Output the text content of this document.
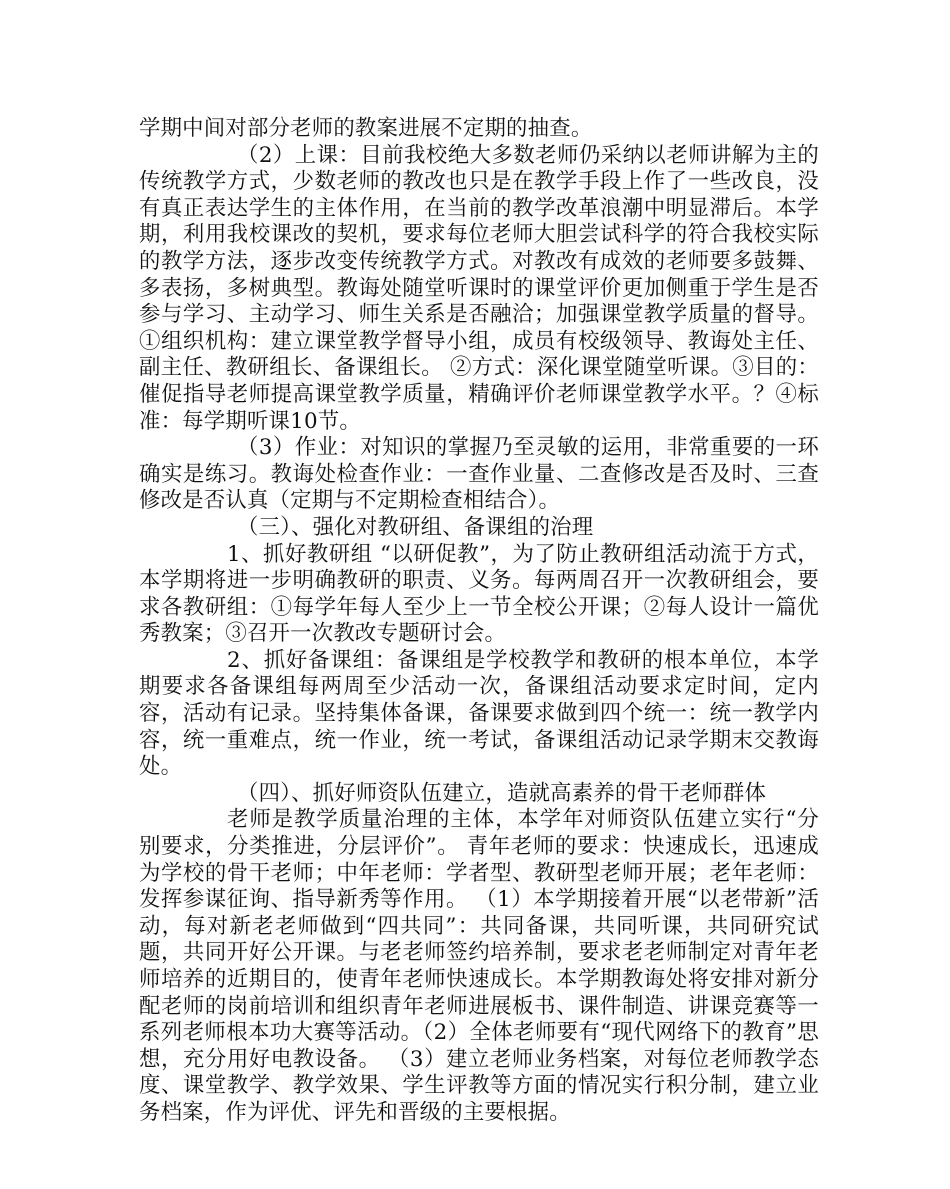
学期中间对部分老师的教案进展不定期的抽查。

（2）上课：目前我校绝大多数老师仍采纳以老师讲解为主的传统教学方式，少数老师的教改也只是在教学手段上作了一些改良，没有真正表达学生的主体作用，在当前的教学改革浪潮中明显滞后。本学期，利用我校课改的契机，要求每位老师大胆尝试科学的符合我校实际的教学方法，逐步改变传统教学方式。对教改有成效的老师要多鼓舞、多表扬，多树典型。教诲处随堂听课时的课堂评价更加侧重于学生是否参与学习、主动学习、师生关系是否融洽；加强课堂教学质量的督导。 ①组织机构：建立课堂教学督导小组，成员有校级领导、教诲处主任、副主任、教研组长、备课组长。 ②方式：深化课堂随堂听课。③目的：催促指导老师提高课堂教学质量，精确评价老师课堂教学水平。？④标准：每学期听课10节。

（3）作业：对知识的掌握乃至灵敏的运用，非常重要的一环确实是练习。教诲处检查作业：一查作业量、二查修改是否及时、三查修改是否认真（定期与不定期检查相结合）。

（三）、强化对教研组、备课组的治理

1、抓好教研组 “以研促教”，为了防止教研组活动流于方式，本学期将进一步明确教研的职责、义务。每两周召开一次教研组会，要求各教研组：①每学年每人至少上一节全校公开课；②每人设计一篇优秀教案；③召开一次教改专题研讨会。

2、抓好备课组：备课组是学校教学和教研的根本单位，本学期要求各备课组每两周至少活动一次，备课组活动要求定时间，定内容，活动有记录。坚持集体备课，备课要求做到四个统一：统一教学内容，统一重难点，统一作业，统一考试，备课组活动记录学期末交教诲处。

（四）、抓好师资队伍建立，造就高素养的骨干老师群体

老师是教学质量治理的主体，本学年对师资队伍建立实行“分别要求，分类推进，分层评价”。 青年老师的要求：快速成长，迅速成为学校的骨干老师；中年老师：学者型、教研型老师开展；老年老师：发挥参谋征询、指导新秀等作用。 （1）本学期接着开展“以老带新”活动，每对新老老师做到“四共同”：共同备课，共同听课，共同研究试题，共同开好公开课。与老老师签约培养制，要求老老师制定对青年老师培养的近期目的，使青年老师快速成长。本学期教诲处将安排对新分配老师的岗前培训和组织青年老师进展板书、课件制造、讲课竞赛等一系列老师根本功大赛等活动。（2）全体老师要有“现代网络下的教育”思想，充分用好电教设备。 （3）建立老师业务档案，对每位老师教学态度、课堂教学、教学效果、学生评教等方面的情况实行积分制，建立业务档案，作为评优、评先和晋级的主要根据。
